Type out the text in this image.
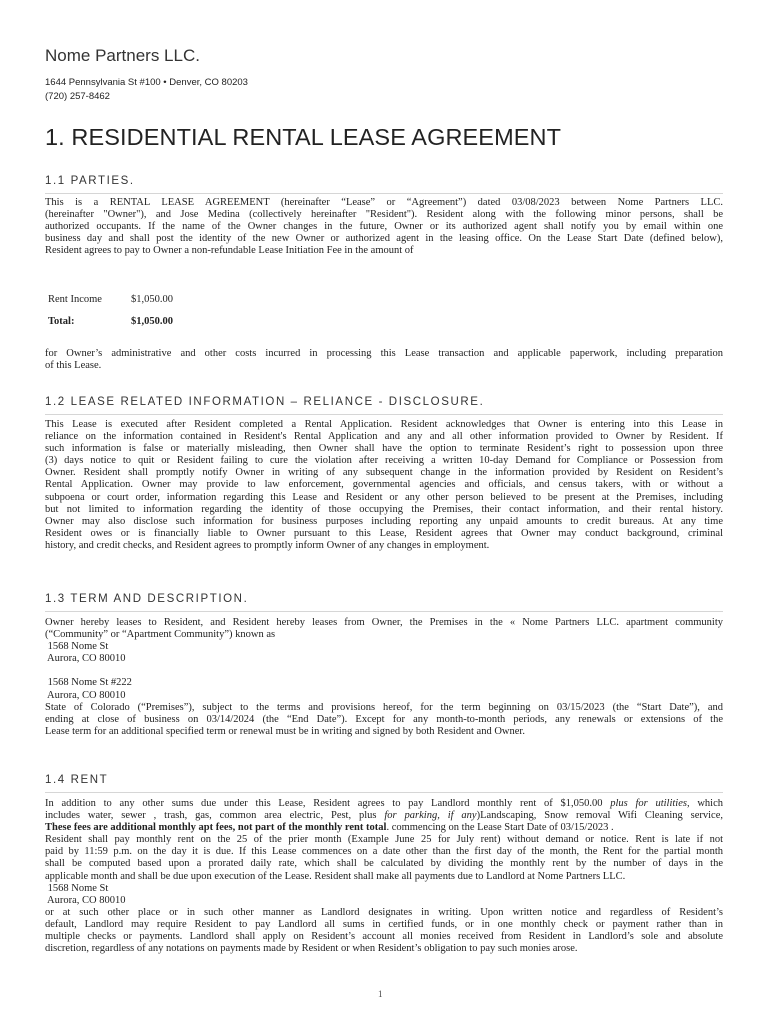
Nome Partners LLC.
1644 Pennsylvania St #100 • Denver, CO 80203
(720) 257-8462
1. RESIDENTIAL RENTAL LEASE AGREEMENT
1.1 PARTIES.
This is a RENTAL LEASE AGREEMENT (hereinafter “Lease” or “Agreement”) dated 03/08/2023 between Nome Partners LLC.
(hereinafter "Owner"), and Jose Medina (collectively hereinafter "Resident"). Resident along with the following minor persons, shall be
authorized occupants. If the name of the Owner changes in the future, Owner or its authorized agent shall notify you by email within one
business day and shall post the identity of the new Owner or authorized agent in the leasing office. On the Lease Start Date (defined below),
Resident agrees to pay to Owner a non-refundable Lease Initiation Fee in the amount of
Rent Income	$1,050.00
Total:	$1,050.00
for Owner’s administrative and other costs incurred in processing this Lease transaction and applicable paperwork, including preparation
of this Lease.
1.2 LEASE RELATED INFORMATION – RELIANCE - DISCLOSURE.
This Lease is executed after Resident completed a Rental Application. Resident acknowledges that Owner is entering into this Lease in
reliance on the information contained in Resident's Rental Application and any and all other information provided to Owner by Resident. If
such information is false or materially misleading, then Owner shall have the option to terminate Resident’s right to possession upon three
(3) days notice to quit or Resident failing to cure the violation after receiving a written 10-day Demand for Compliance or Possession from
Owner. Resident shall promptly notify Owner in writing of any subsequent change in the information provided by Resident on Resident’s
Rental Application. Owner may provide to law enforcement, governmental agencies and officials, and census takers, with or without a
subpoena or court order, information regarding this Lease and Resident or any other person believed to be present at the Premises, including
but not limited to information regarding the identity of those occupying the Premises, their contact information, and their rental history.
Owner may also disclose such information for business purposes including reporting any unpaid amounts to credit bureaus. At any time
Resident owes or is financially liable to Owner pursuant to this Lease, Resident agrees that Owner may conduct background, criminal
history, and credit checks, and Resident agrees to promptly inform Owner of any changes in employment.
1.3 TERM AND DESCRIPTION.
Owner hereby leases to Resident, and Resident hereby leases from Owner, the Premises in the « Nome Partners LLC. apartment community
(“Community” or “Apartment Community”) known as
1568 Nome St
Aurora, CO 80010
1568 Nome St #222
Aurora, CO 80010
State of Colorado (“Premises”), subject to the terms and provisions hereof, for the term beginning on 03/15/2023 (the “Start Date”), and
ending at close of business on 03/14/2024 (the “End Date”). Except for any month-to-month periods, any renewals or extensions of the
Lease term for an additional specified term or renewal must be in writing and signed by both Resident and Owner.
1.4 RENT
In addition to any other sums due under this Lease, Resident agrees to pay Landlord monthly rent of $1,050.00 plus for utilities, which
includes water, sewer , trash, gas, common area electric, Pest, plus for parking, if any)Landscaping, Snow removal Wifi Cleaning service,
These fees are additional monthly apt fees, not part of the monthly rent total. commencing on the Lease Start Date of 03/15/2023 .
Resident shall pay monthly rent on the 25 of the prier month (Example June 25 for July rent) without demand or notice. Rent is late if not
paid by 11:59 p.m. on the day it is due. If this Lease commences on a date other than the first day of the month, the Rent for the partial month
shall be computed based upon a prorated daily rate, which shall be calculated by dividing the monthly rent by the number of days in the
applicable month and shall be due upon execution of the Lease. Resident shall make all payments due to Landlord at Nome Partners LLC.
1568 Nome St
Aurora, CO 80010
or at such other place or in such other manner as Landlord designates in writing. Upon written notice and regardless of Resident’s
default, Landlord may require Resident to pay Landlord all sums in certified funds, or in one monthly check or payment rather than in
multiple checks or payments. Landlord shall apply on Resident’s account all monies received from Resident in Landlord’s sole and absolute
discretion, regardless of any notations on payments made by Resident or when Resident’s obligation to pay such monies arose.
1
